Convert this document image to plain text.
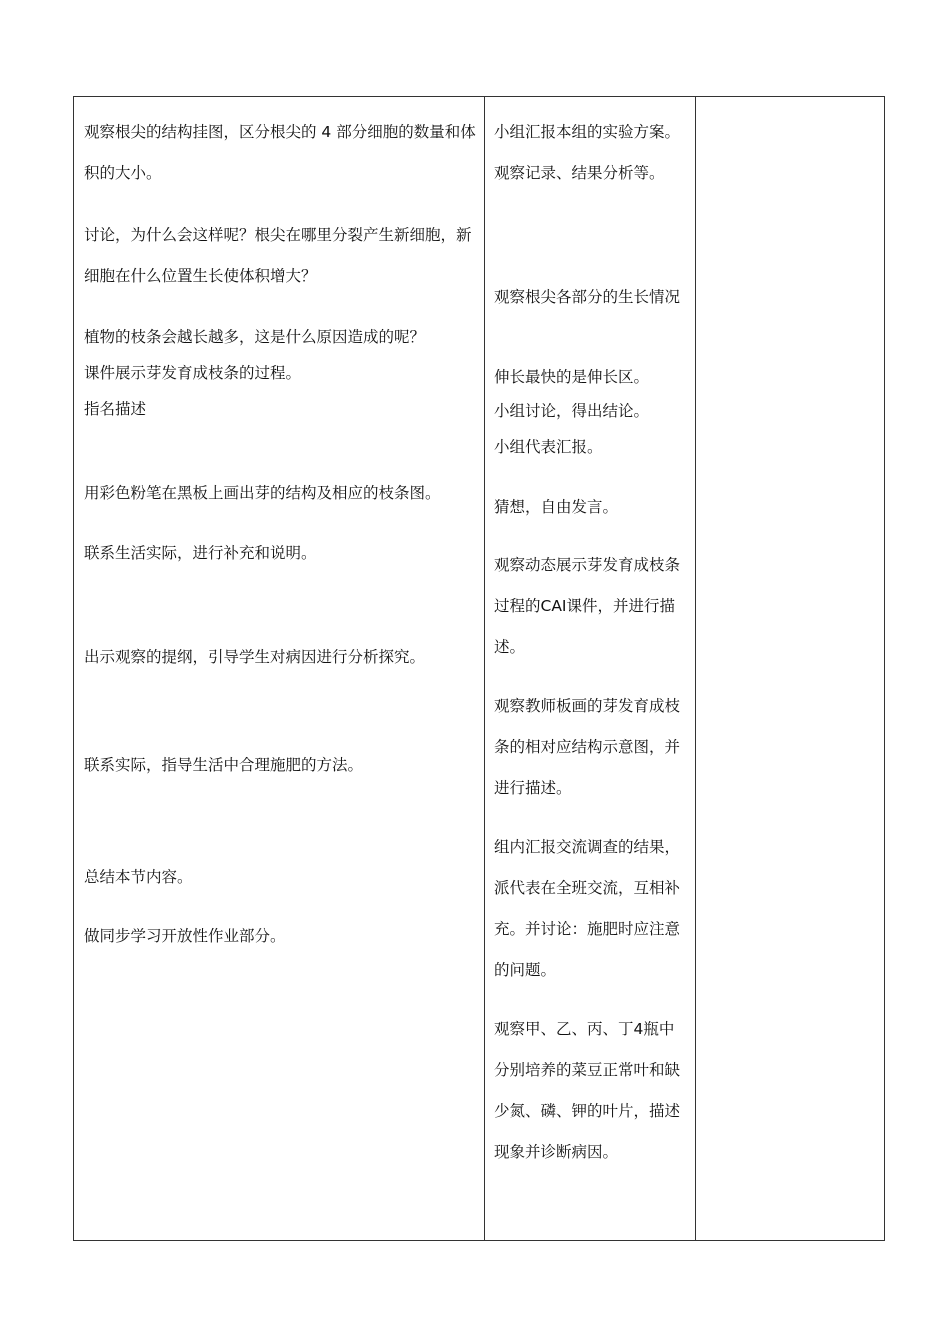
观察根尖的结构挂图，区分根尖的 4 部分细胞的数量和体积的大小。

讨论，为什么会这样呢？根尖在哪里分裂产生新细胞，新细胞在什么位置生长使体积增大？

植物的枝条会越长越多，这是什么原因造成的呢？

课件展示芽发育成枝条的过程。

指名描述

用彩色粉笔在黑板上画出芽的结构及相应的枝条图。

联系生活实际，进行补充和说明。

出示观察的提纲，引导学生对病因进行分析探究。

联系实际，指导生活中合理施肥的方法。

总结本节内容。

做同步学习开放性作业部分。

小组汇报本组的实验方案。观察记录、结果分析等。

观察根尖各部分的生长情况

伸长最快的是伸长区。

小组讨论，得出结论。

小组代表汇报。

猜想，自由发言。

观察动态展示芽发育成枝条过程的CAI课件，并进行描述。

观察教师板画的芽发育成枝条的相对应结构示意图，并进行描述。

组内汇报交流调查的结果，派代表在全班交流，互相补充。并讨论：施肥时应注意的问题。

观察甲、乙、丙、丁4瓶中分别培养的菜豆正常叶和缺少氮、磷、钾的叶片，描述现象并诊断病因。
